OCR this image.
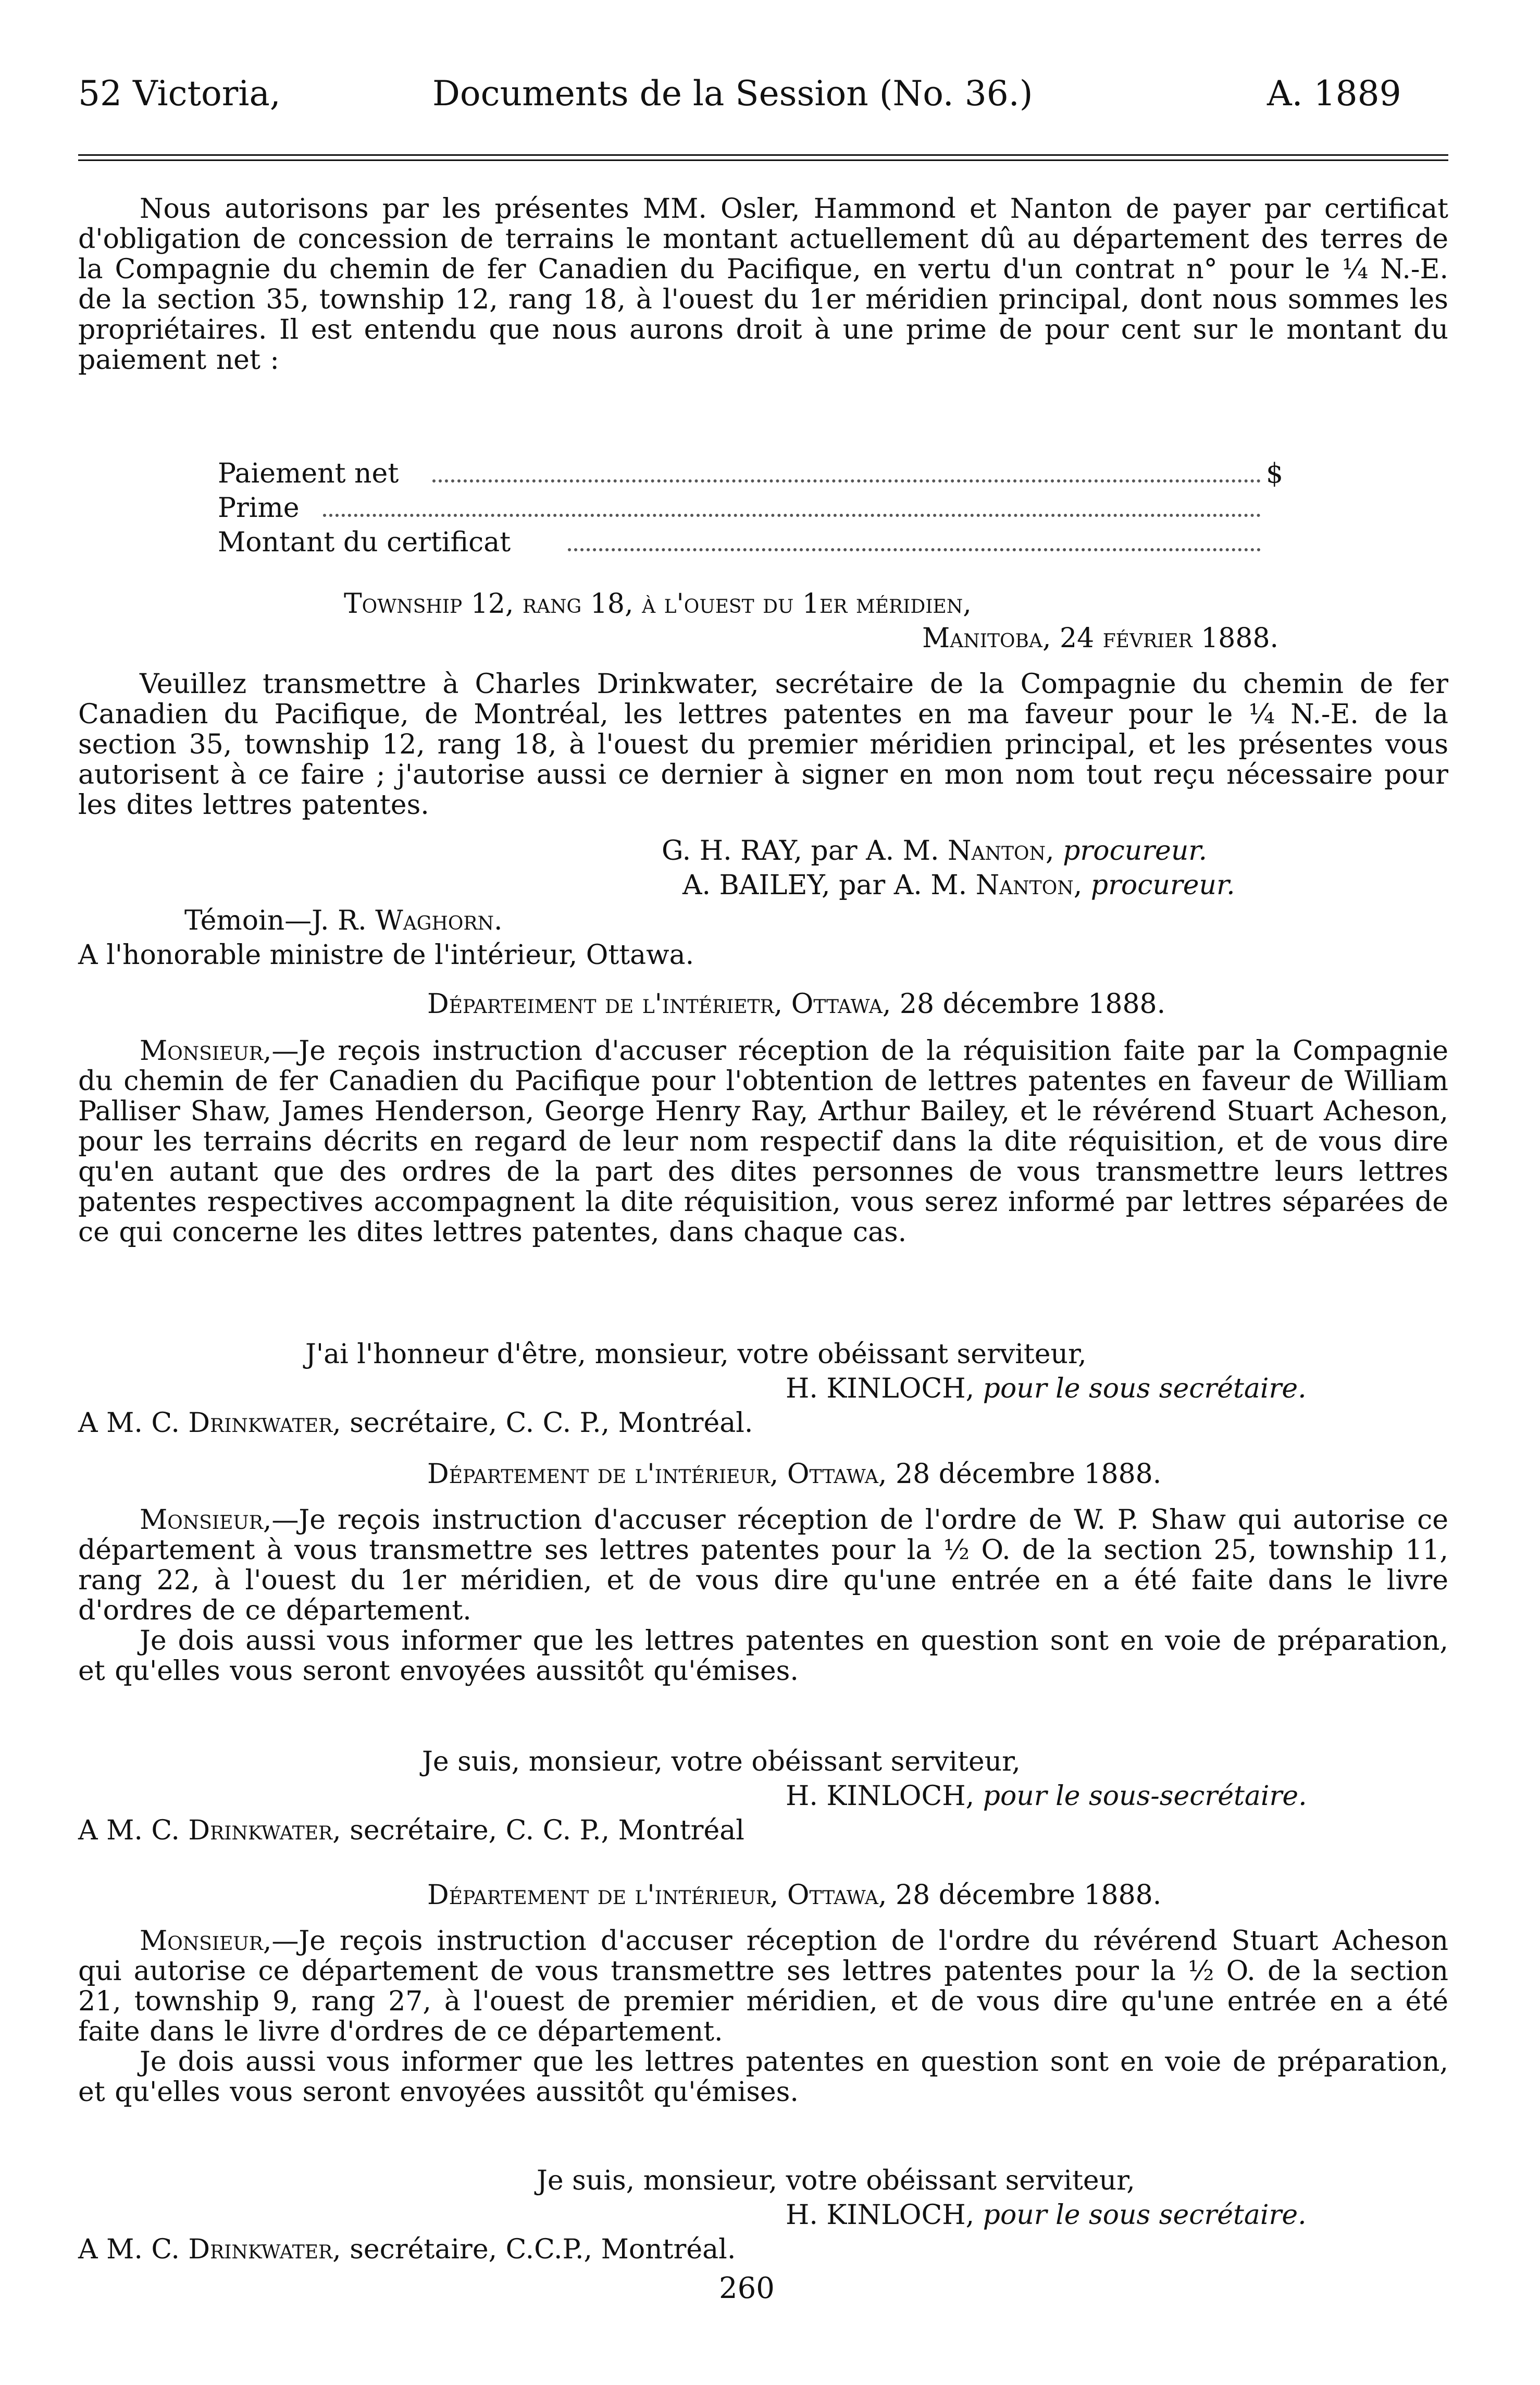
52 Victoria,	Documents de la Session (No. 36.)	A. 1889
Nous autorisons par les présentes MM. Osler, Hammond et Nanton de payer par certificat d'obligation de concession de terrains le montant actuellement dû au département des terres de la Compagnie du chemin de fer Canadien du Pacifique, en vertu d'un contrat n° pour le ¼ N.-E. de la section 35, township 12, rang 18, à l'ouest du 1er méridien principal, dont nous sommes les propriétaires. Il est entendu que nous aurons droit à une prime de pour cent sur le montant du paiement net :
Paiement net	$
Prime
Montant du certificat
Township 12, rang 18, à l'ouest du 1er méridien,
Manitoba, 24 février 1888.
Veuillez transmettre à Charles Drinkwater, secrétaire de la Compagnie du chemin de fer Canadien du Pacifique, de Montréal, les lettres patentes en ma faveur pour le ¼ N.-E. de la section 35, township 12, rang 18, à l'ouest du premier méridien principal, et les présentes vous autorisent à ce faire ; j'autorise aussi ce dernier à signer en mon nom tout reçu nécessaire pour les dites lettres patentes.
G. H. RAY, par A. M. Nanton, procureur.
A. BAILEY, par A. M. Nanton, procureur.
Témoin—J. R. Waghorn.
A l'honorable ministre de l'intérieur, Ottawa.
Départeiment de l'intérietr, Ottawa, 28 décembre 1888.
Monsieur,—Je reçois instruction d'accuser réception de la réquisition faite par la Compagnie du chemin de fer Canadien du Pacifique pour l'obtention de lettres patentes en faveur de William Palliser Shaw, James Henderson, George Henry Ray, Arthur Bailey, et le révérend Stuart Acheson, pour les terrains décrits en regard de leur nom respectif dans la dite réquisition, et de vous dire qu'en autant que des ordres de la part des dites personnes de vous transmettre leurs lettres patentes respectives accompagnent la dite réquisition, vous serez informé par lettres séparées de ce qui concerne les dites lettres patentes, dans chaque cas.
J'ai l'honneur d'être, monsieur, votre obéissant serviteur,
H. KINLOCH, pour le sous secrétaire.
A M. C. Drinkwater, secrétaire, C. C. P., Montréal.
Département de l'intérieur, Ottawa, 28 décembre 1888.
Monsieur,—Je reçois instruction d'accuser réception de l'ordre de W. P. Shaw qui autorise ce département à vous transmettre ses lettres patentes pour la ½ O. de la section 25, township 11, rang 22, à l'ouest du 1er méridien, et de vous dire qu'une entrée en a été faite dans le livre d'ordres de ce département.
Je dois aussi vous informer que les lettres patentes en question sont en voie de préparation, et qu'elles vous seront envoyées aussitôt qu'émises.
Je suis, monsieur, votre obéissant serviteur,
H. KINLOCH, pour le sous-secrétaire.
A M. C. Drinkwater, secrétaire, C. C. P., Montréal
Département de l'intérieur, Ottawa, 28 décembre 1888.
Monsieur,—Je reçois instruction d'accuser réception de l'ordre du révérend Stuart Acheson qui autorise ce département de vous transmettre ses lettres patentes pour la ½ O. de la section 21, township 9, rang 27, à l'ouest de premier méridien, et de vous dire qu'une entrée en a été faite dans le livre d'ordres de ce département.
Je dois aussi vous informer que les lettres patentes en question sont en voie de préparation, et qu'elles vous seront envoyées aussitôt qu'émises.
Je suis, monsieur, votre obéissant serviteur,
H. KINLOCH, pour le sous secrétaire.
A M. C. Drinkwater, secrétaire, C.C.P., Montréal.
260
